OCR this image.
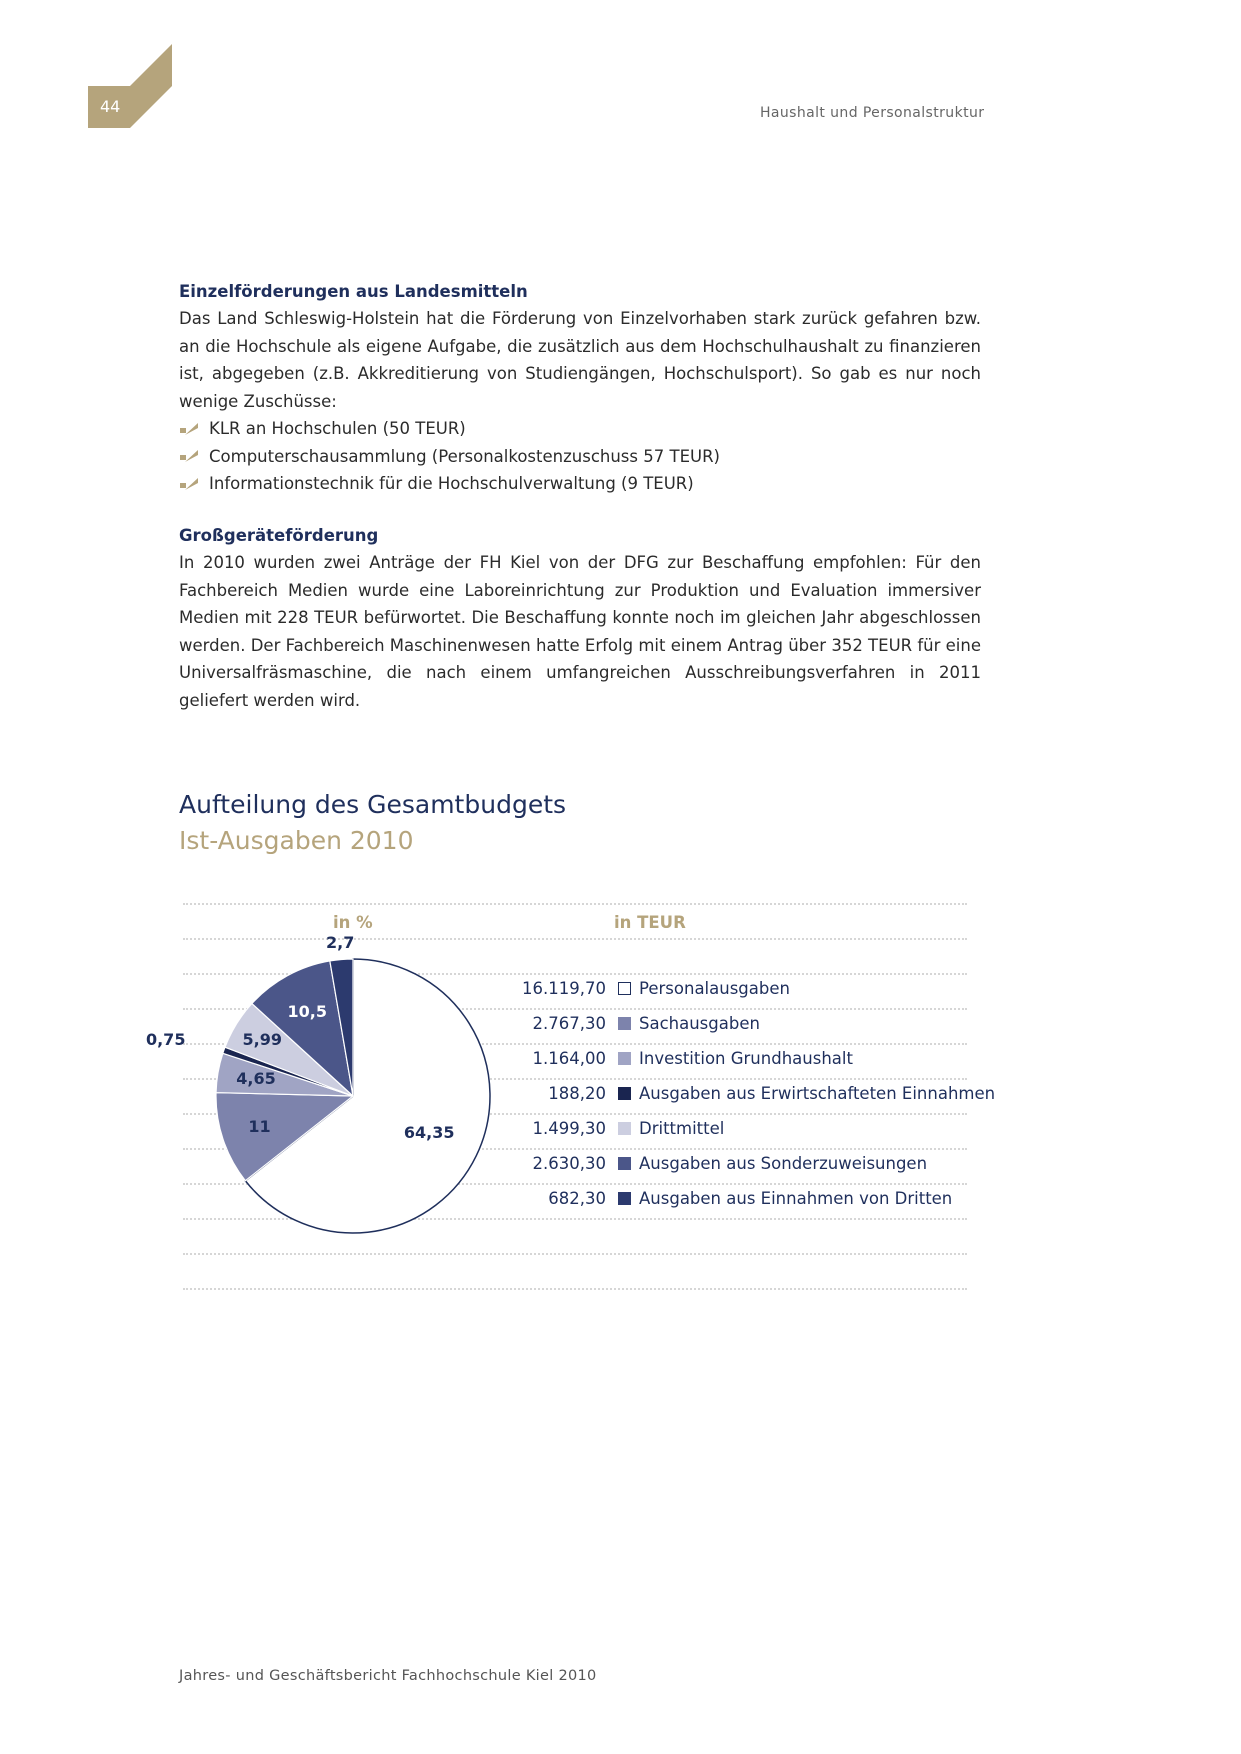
44	Haushalt und Personalstruktur
Einzelförderungen aus Landesmitteln

Das Land Schleswig-Holstein hat die Förderung von Einzelvorhaben stark zurück gefahren bzw. an die Hochschule als eigene Aufgabe, die zusätzlich aus dem Hochschulhaushalt zu finanzieren ist, abgegeben (z.B. Akkreditierung von Studiengängen, Hochschulsport). So gab es nur noch wenige Zuschüsse:

KLR an Hochschulen (50 TEUR)
Computerschausammlung (Personalkostenzuschuss 57 TEUR)
Informationstechnik für die Hochschulverwaltung (9 TEUR)
Großgeräteförderung

In 2010 wurden zwei Anträge der FH Kiel von der DFG zur Beschaffung empfohlen: Für den Fachbereich Medien wurde eine Laboreinrichtung zur Produktion und Evaluation immersiver Medien mit 228 TEUR befürwortet. Die Beschaffung konnte noch im gleichen Jahr abgeschlossen werden. Der Fachbereich Maschinenwesen hatte Erfolg mit einem Antrag über 352 TEUR für eine Universalfräsmaschine, die nach einem umfangreichen Ausschreibungsverfahren in 2011 geliefert werden wird.

Aufteilung des Gesamtbudgets
Ist-Ausgaben 2010
in %	in TEUR
64,35
11
4,65
0,75	5,99
10,5
2,7
16.119,70 Personalausgaben
2.767,30 Sachausgaben
1.164,00 Investition Grundhaushalt
188,20 Ausgaben aus Erwirtschafteten Einnahmen
1.499,30 Drittmittel
2.630,30 Ausgaben aus Sonderzuweisungen
682,30 Ausgaben aus Einnahmen von Dritten
Jahres- und Geschäftsbericht Fachhochschule Kiel 2010
